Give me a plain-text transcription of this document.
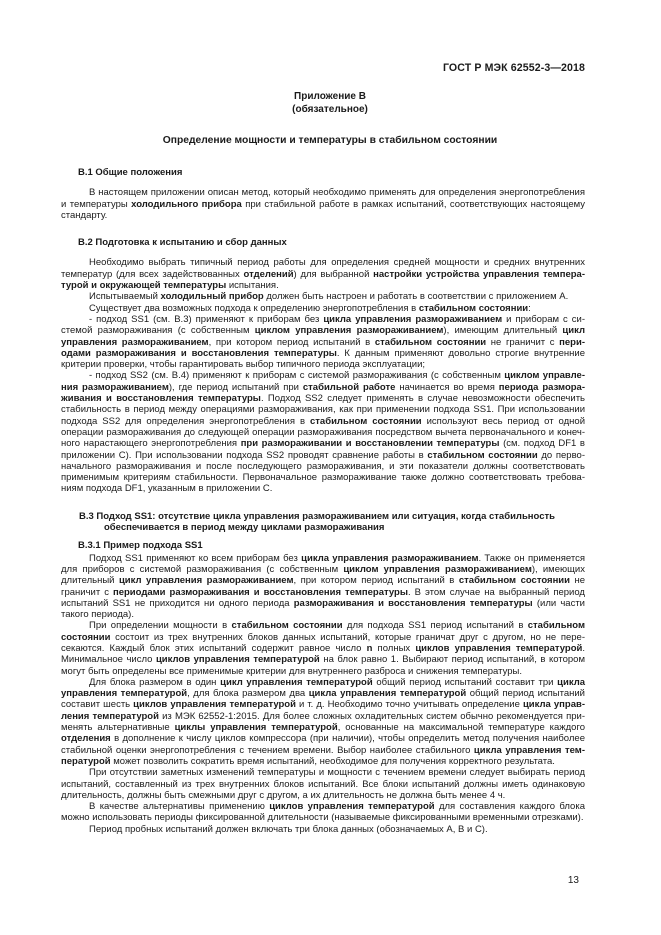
ГОСТ Р МЭК 62552-3—2018
Приложение В
(обязательное)
Определение мощности и температуры в стабильном состоянии
В.1 Общие положения

В настоящем приложении описан метод, который необходимо применять для определения энергопотребления и температуры холодильного прибора при стабильной работе в рамках испытаний, соответствующих настоящему стандарту.

В.2 Подготовка к испытанию и сбор данных

Необходимо выбрать типичный период работы для определения средней мощности и средних внутренних температур (для всех задействованных отделений) для выбранной настройки устройства управления температурой и окружающей температуры испытания.

Испытываемый холодильный прибор должен быть настроен и работать в соответствии с приложением А.

Существует два возможных подхода к определению энергопотребления в стабильном состоянии:

- подход SS1 (см. В.3) применяют к приборам без цикла управления размораживанием и приборам с системой размораживания (с собственным циклом управления размораживанием), имеющим длительный цикл управления размораживанием, при котором период испытаний в стабильном состоянии не граничит с периодами размораживания и восстановления температуры. К данным применяют довольно строгие внутренние критерии проверки, чтобы гарантировать выбор типичного периода эксплуатации;

- подход SS2 (см. В.4) применяют к приборам с системой размораживания (с собственным циклом управления размораживанием), где период испытаний при стабильной работе начинается во время периода размораживания и восстановления температуры. Подход SS2 следует применять в случае невозможности обеспечить стабильность в период между операциями размораживания, как при применении подхода SS1. При использовании подхода SS2 для определения энергопотребления в стабильном состоянии используют весь период от одной операции размораживания до следующей операции размораживания посредством вычета первоначального и конечного нарастающего энергопотребления при размораживании и восстановлении температуры (см. подход DF1 в приложении С). При использовании подхода SS2 проводят сравнение работы в стабильном состоянии до первоначального размораживания и после последующего размораживания, и эти показатели должны соответствовать применимым критериям стабильности. Первоначальное размораживание также должно соответствовать требованиям подхода DF1, указанным в приложении С.

В.3 Подход SS1: отсутствие цикла управления размораживанием или ситуация, когда стабильность обеспечивается в период между циклами размораживания
В.3.1 Пример подхода SS1

Подход SS1 применяют ко всем приборам без цикла управления размораживанием. Также он применяется для приборов с системой размораживания (с собственным циклом управления размораживанием), имеющих длительный цикл управления размораживанием, при котором период испытаний в стабильном состоянии не граничит с периодами размораживания и восстановления температуры. В этом случае на выбранный период испытаний SS1 не приходится ни одного периода размораживания и восстановления температуры (или части такого периода).

При определении мощности в стабильном состоянии для подхода SS1 период испытаний в стабильном состоянии состоит из трех внутренних блоков данных испытаний, которые граничат друг с другом, но не пересекаются. Каждый блок этих испытаний содержит равное число n полных циклов управления температурой. Минимальное число циклов управления температурой на блок равно 1. Выбирают период испытаний, в котором могут быть определены все применимые критерии для внутреннего разброса и снижения температуры.

Для блока размером в один цикл управления температурой общий период испытаний составит три цикла управления температурой, для блока размером два цикла управления температурой общий период испытаний составит шесть циклов управления температурой и т. д. Необходимо точно учитывать определение цикла управления температурой из МЭК 62552-1:2015. Для более сложных охладительных систем обычно рекомендуется применять альтернативные циклы управления температурой, основанные на максимальной температуре каждого отделения в дополнение к числу циклов компрессора (при наличии), чтобы определить метод получения наиболее стабильной оценки энергопотребления с течением времени. Выбор наиболее стабильного цикла управления температурой может позволить сократить время испытаний, необходимое для получения корректного результата.

При отсутствии заметных изменений температуры и мощности с течением времени следует выбирать период испытаний, составленный из трех внутренних блоков испытаний. Все блоки испытаний должны иметь одинаковую длительность, должны быть смежными друг с другом, а их длительность не должна быть менее 4 ч.

В качестве альтернативы применению циклов управления температурой для составления каждого блока можно использовать периоды фиксированной длительности (называемые фиксированными временными отрезками).

Период пробных испытаний должен включать три блока данных (обозначаемых А, В и С).

13
